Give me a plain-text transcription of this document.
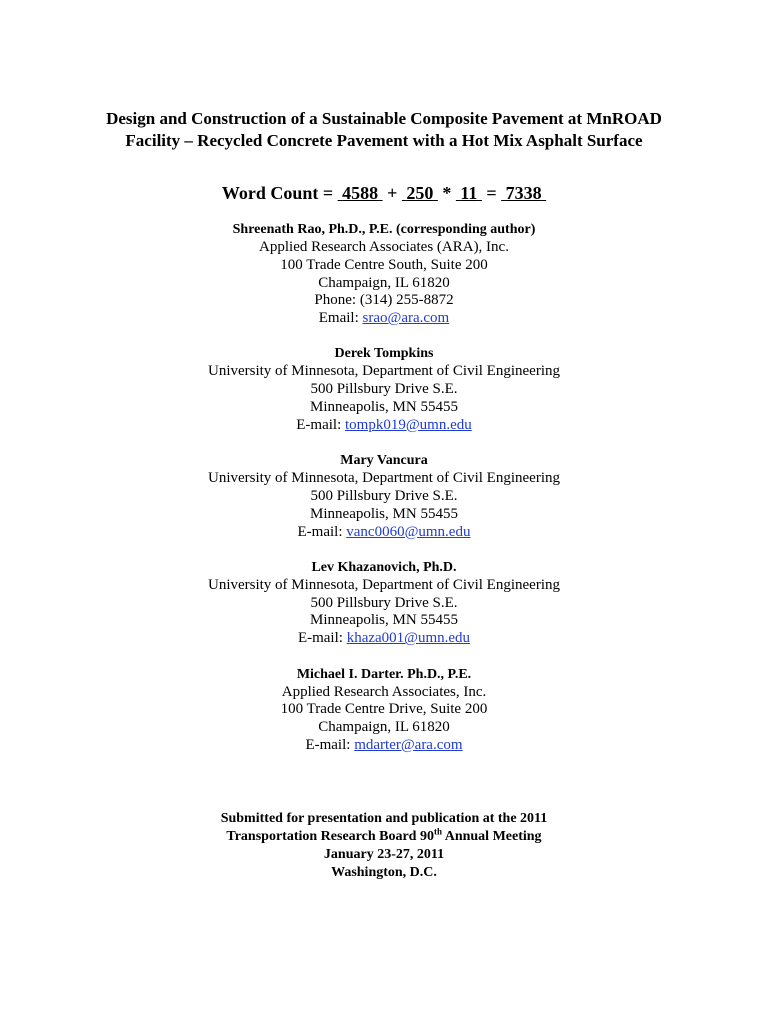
Design and Construction of a Sustainable Composite Pavement at MnROAD
Facility – Recycled Concrete Pavement with a Hot Mix Asphalt Surface
Word Count =  4588  +  250  *  11  =  7338
Shreenath Rao, Ph.D., P.E. (corresponding author)
Applied Research Associates (ARA), Inc.
100 Trade Centre South, Suite 200
Champaign, IL 61820
Phone: (314) 255-8872
Email: srao@ara.com
Derek Tompkins
University of Minnesota, Department of Civil Engineering
500 Pillsbury Drive S.E.
Minneapolis, MN 55455
E-mail: tompk019@umn.edu
Mary Vancura
University of Minnesota, Department of Civil Engineering
500 Pillsbury Drive S.E.
Minneapolis, MN 55455
E-mail: vanc0060@umn.edu
Lev Khazanovich, Ph.D.
University of Minnesota, Department of Civil Engineering
500 Pillsbury Drive S.E.
Minneapolis, MN 55455
E-mail: khaza001@umn.edu
Michael I. Darter. Ph.D., P.E.
Applied Research Associates, Inc.
100 Trade Centre Drive, Suite 200
Champaign, IL 61820
E-mail: mdarter@ara.com
Submitted for presentation and publication at the 2011
Transportation Research Board 90th Annual Meeting
January 23-27, 2011
Washington, D.C.
